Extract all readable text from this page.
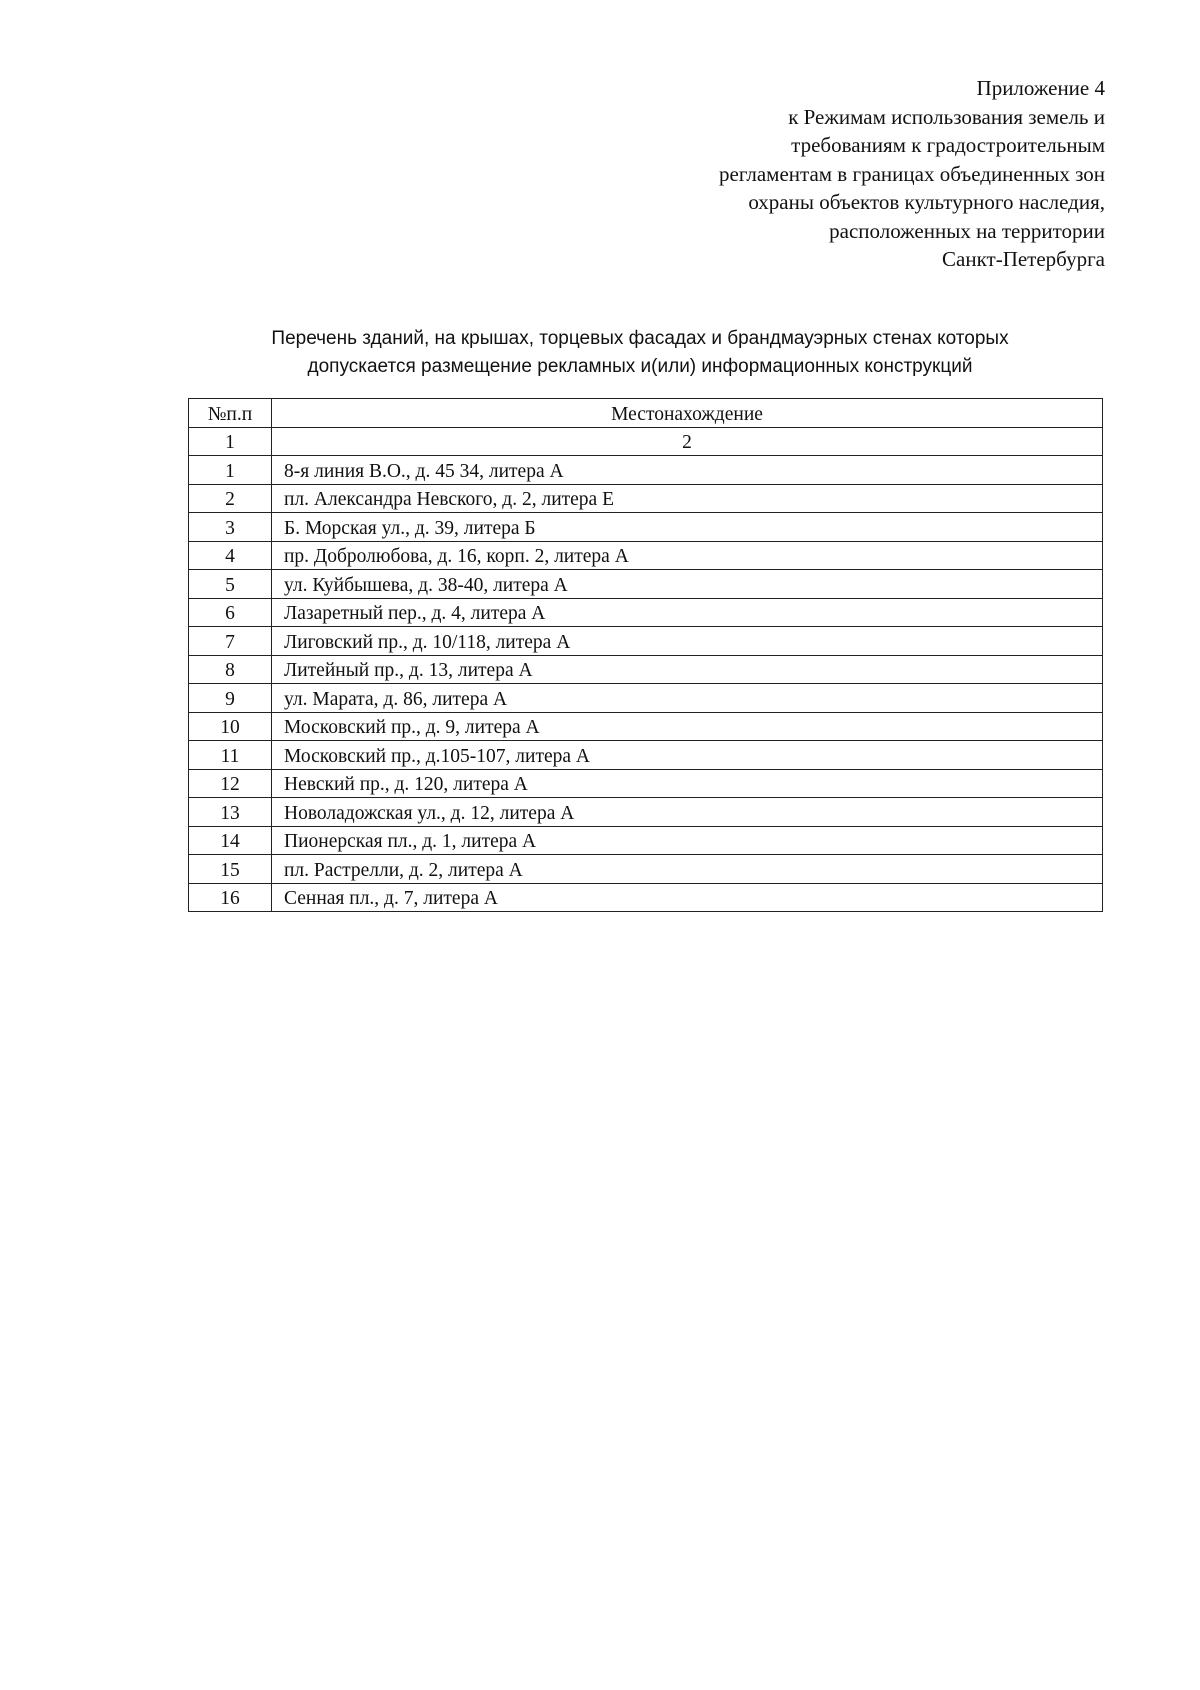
Приложение 4
к Режимам использования земель и
требованиям к градостроительным
регламентам в границах объединенных зон
охраны объектов культурного наследия,
расположенных на территории
Санкт-Петербурга
Перечень зданий, на крышах, торцевых фасадах и брандмауэрных стенах которых
допускается размещение рекламных и(или) информационных конструкций
№п.п	Местонахождение
1	2
1	8-я линия В.О., д. 45 34, литера А
2	пл. Александра Невского, д. 2, литера Е
3	Б. Морская ул., д. 39, литера Б
4	пр. Добролюбова, д. 16, корп. 2, литера А
5	ул. Куйбышева, д. 38-40, литера А
6	Лазаретный пер., д. 4, литера А
7	Лиговский пр., д. 10/118, литера А
8	Литейный пр., д. 13, литера А
9	ул. Марата, д. 86, литера А
10	Московский пр., д. 9, литера А
11	Московский пр., д.105-107, литера А
12	Невский пр., д. 120, литера А
13	Новоладожская ул., д. 12, литера А
14	Пионерская пл., д. 1, литера А
15	пл. Растрелли, д. 2, литера А
16	Сенная пл., д. 7, литера А
